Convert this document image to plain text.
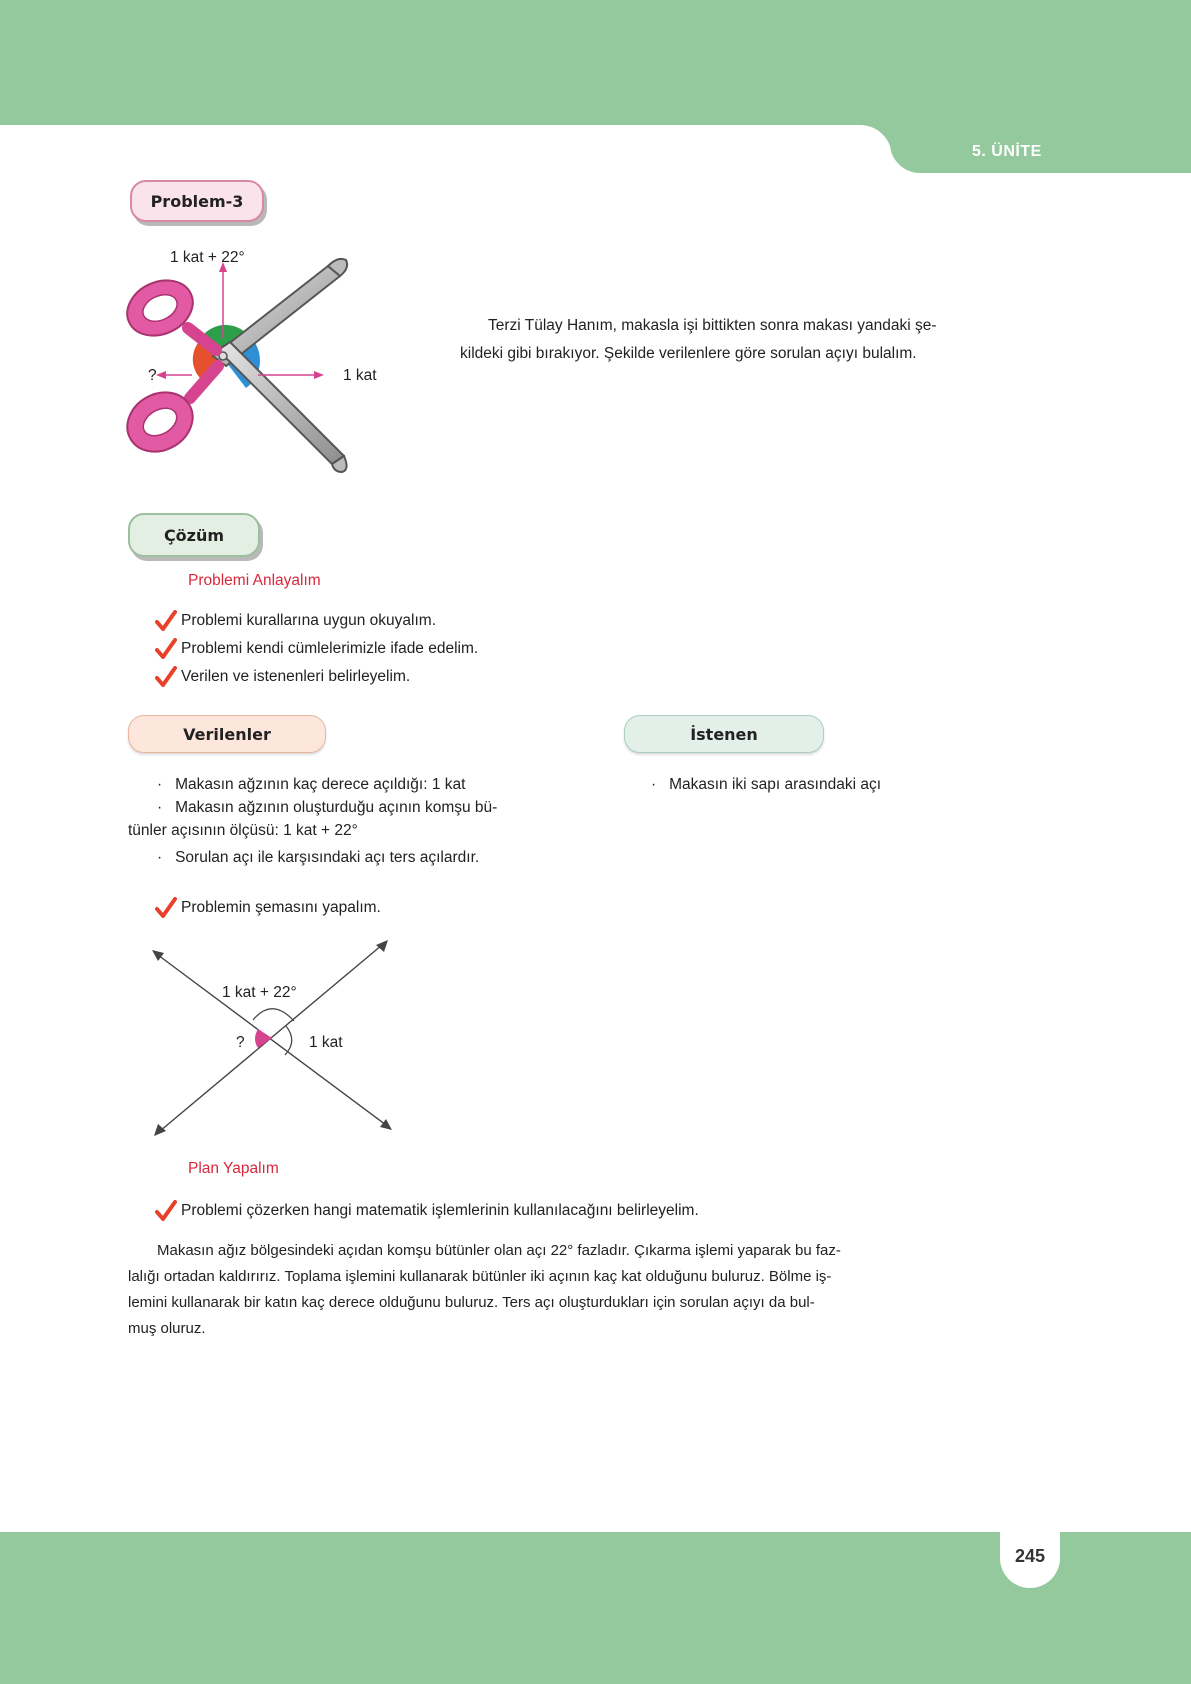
5. ÜNİTE
Problem-3
1 kat + 22°
?	1 kat
Terzi Tülay Hanım, makasla işi bittikten sonra makası yandaki şe-
kildeki gibi bırakıyor. Şekilde verilenlere göre sorulan açıyı bulalım.
Çözüm
Problemi Anlayalım
Problemi kurallarına uygun okuyalım.
Problemi kendi cümlelerimizle ifade edelim.
Verilen ve istenenleri belirleyelim.
Verilenler	İstenen
·   Makasın ağzının kaç derece açıldığı: 1 kat
·   Makasın ağzının oluşturduğu açının komşu bü-
tünler açısının ölçüsü: 1 kat + 22°
·   Sorulan açı ile karşısındaki açı ters açılardır.
·   Makasın iki sapı arasındaki açı
Problemin şemasını yapalım.
1 kat + 22°
?	1 kat
Plan Yapalım
Problemi çözerken hangi matematik işlemlerinin kullanılacağını belirleyelim.
Makasın ağız bölgesindeki açıdan komşu bütünler olan açı 22° fazladır. Çıkarma işlemi yaparak bu faz-
lalığı ortadan kaldırırız. Toplama işlemini kullanarak bütünler iki açının kaç kat olduğunu buluruz. Bölme iş-
lemini kullanarak bir katın kaç derece olduğunu buluruz. Ters açı oluşturdukları için sorulan açıyı da bul-
muş oluruz.
245
